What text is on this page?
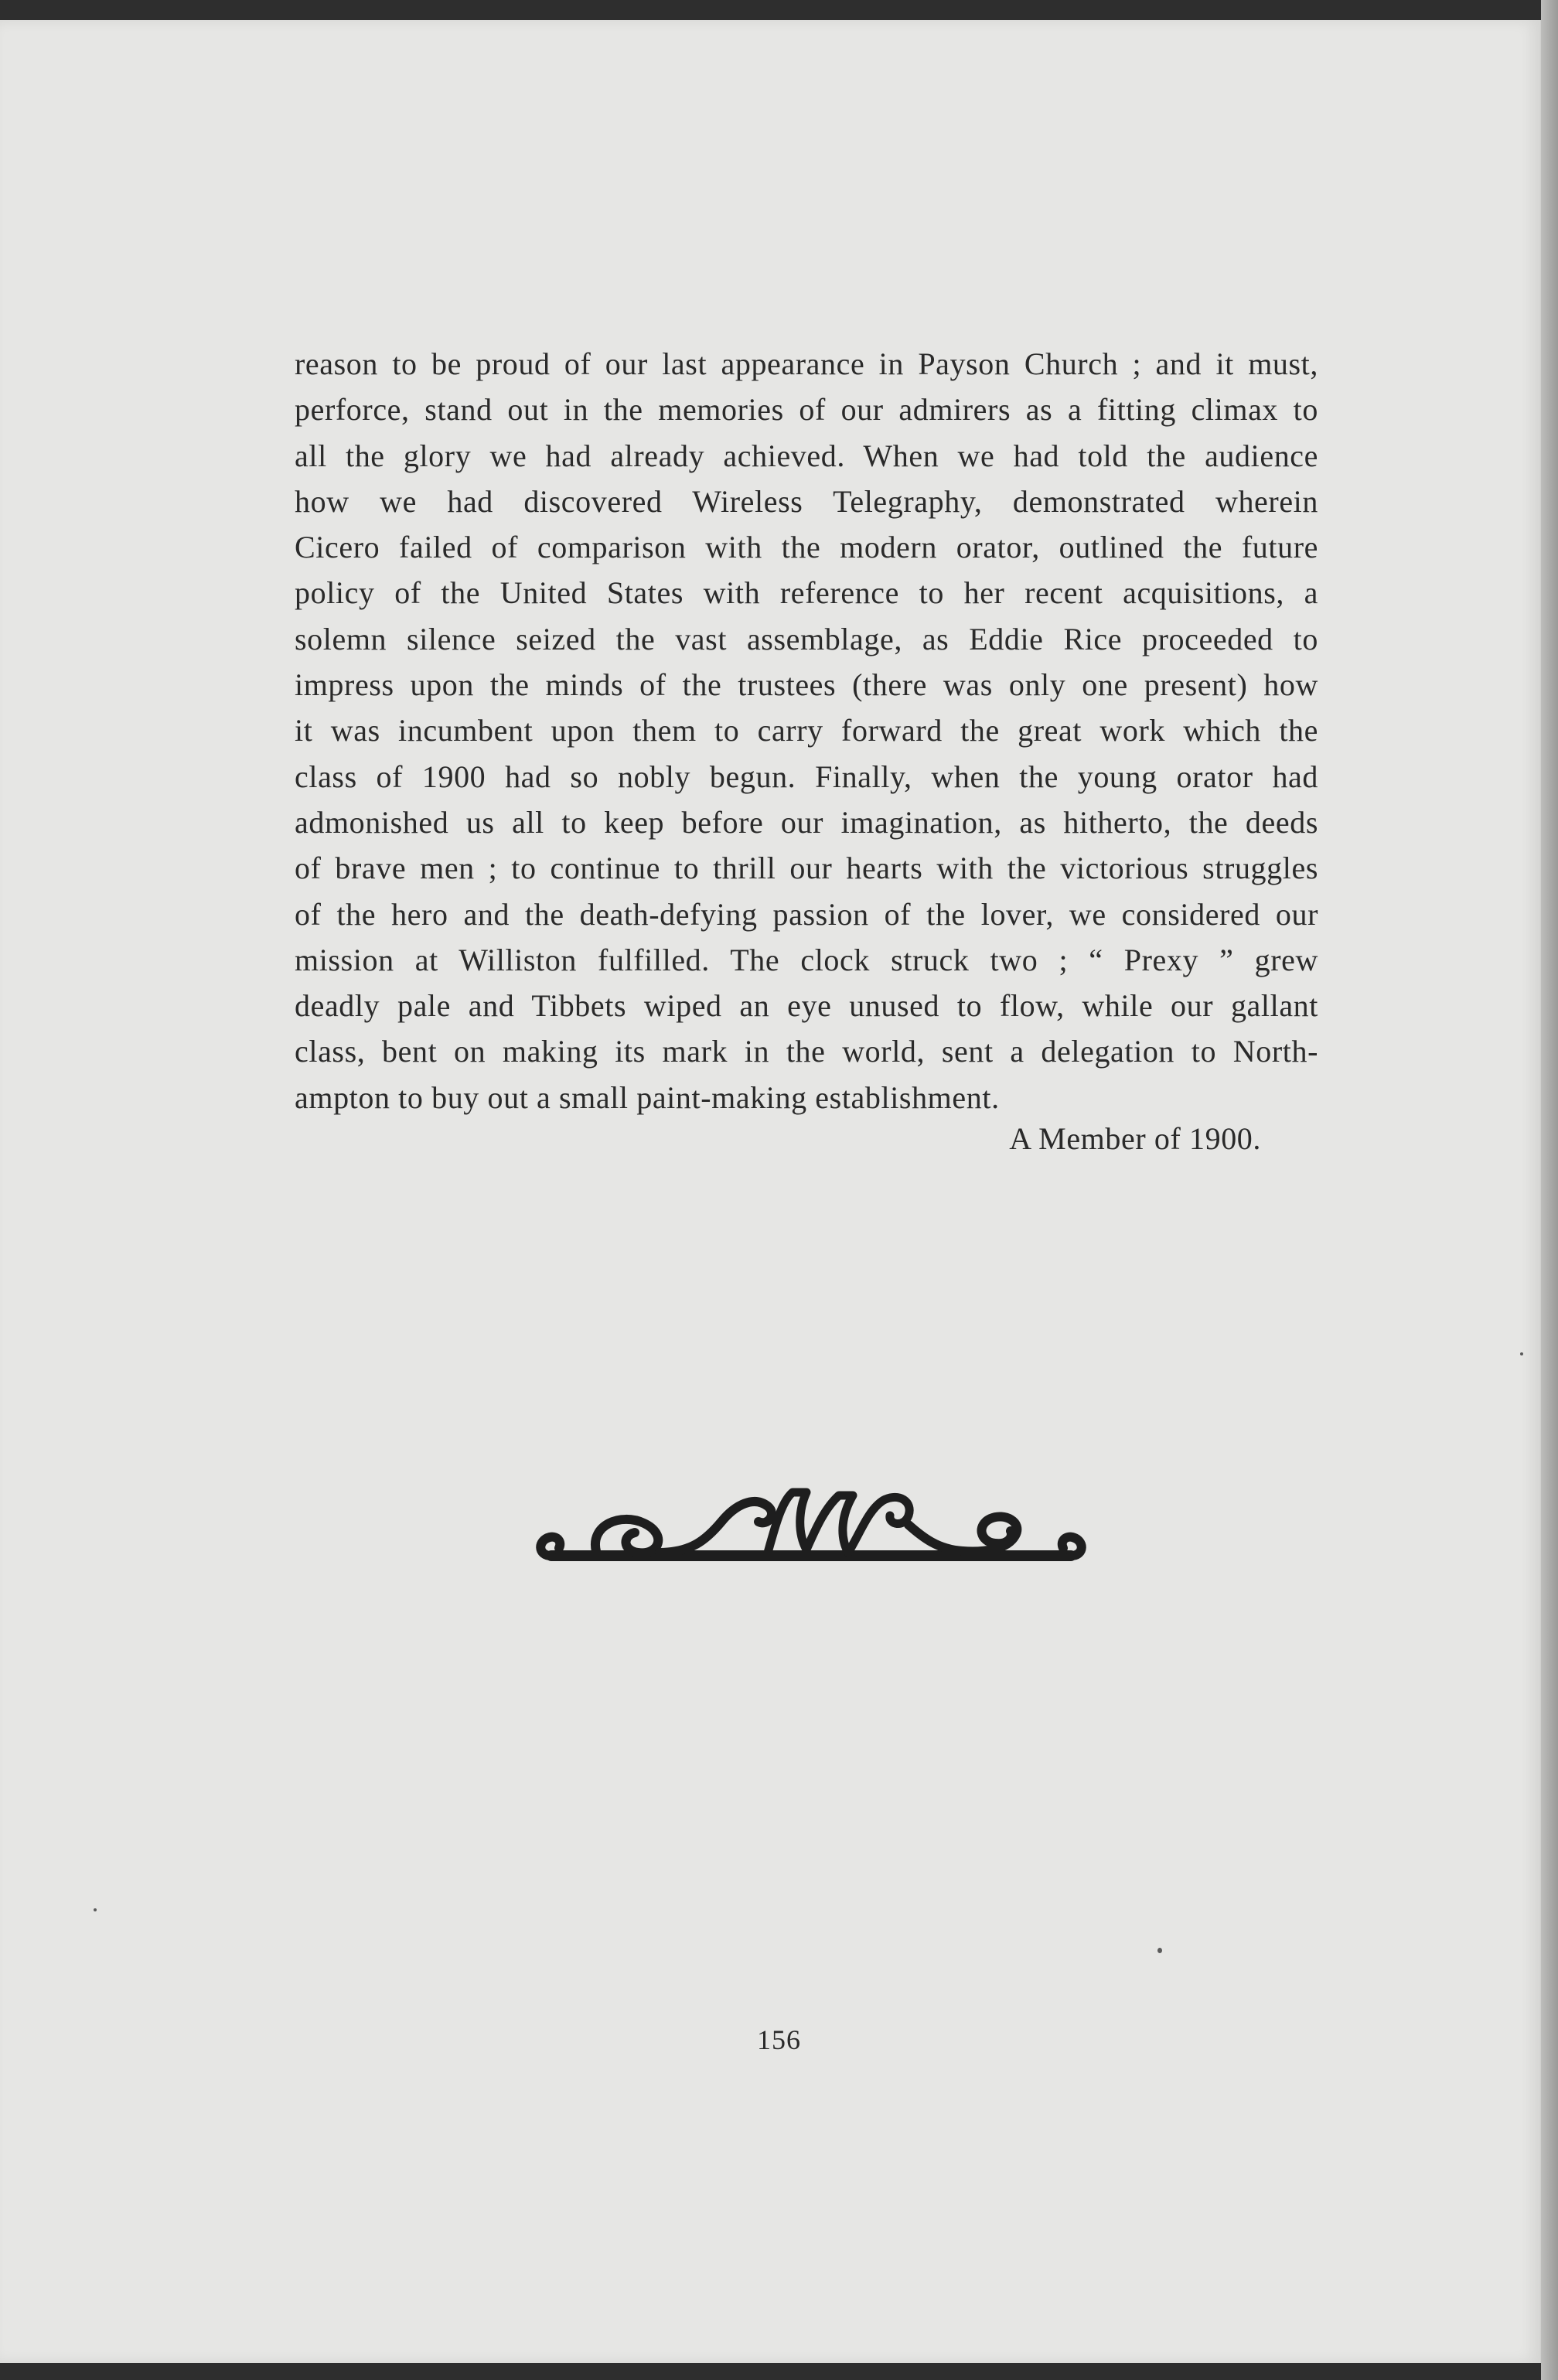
reason to be proud of our last appearance in Payson Church ; and it must,
perforce, stand out in the memories of our admirers as a fitting climax to
all the glory we had already achieved. When we had told the audience
how we had discovered Wireless Telegraphy, demonstrated wherein
Cicero failed of comparison with the modern orator, outlined the future
policy of the United States with reference to her recent acquisitions, a
solemn silence seized the vast assemblage, as Eddie Rice proceeded to
impress upon the minds of the trustees (there was only one present) how
it was incumbent upon them to carry forward the great work which the
class of 1900 had so nobly begun. Finally, when the young orator had
admonished us all to keep before our imagination, as hitherto, the deeds
of brave men ; to continue to thrill our hearts with the victorious struggles
of the hero and the death-defying passion of the lover, we considered our
mission at Williston fulfilled. The clock struck two ; “ Prexy ” grew
deadly pale and Tibbets wiped an eye unused to flow, while our gallant
class, bent on making its mark in the world, sent a delegation to North-
ampton to buy out a small paint-making establishment.
A Member of 1900.
156
